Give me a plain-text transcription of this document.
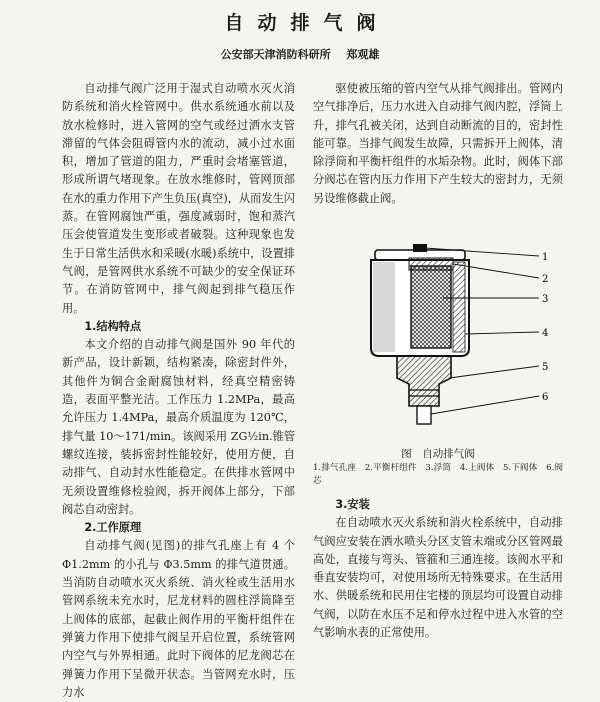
自动排气阀
公安部天津消防科研所 郑观雄

自动排气阀广泛用于湿式自动喷水灭火消防系统和消火栓管网中。供水系统通水前以及放水检修时，进入管网的空气或经过洒水支管滞留的气体会阻碍管内水的流动，减小过水面积，增加了管道的阻力，严重时会堵塞管道，形成所谓气堵现象。在放水维修时，管网顶部在水的重力作用下产生负压(真空)，从而发生闪蒸。在管网腐蚀严重，强度减弱时，饱和蒸汽压会使管道发生变形或者破裂。这种现象也发生于日常生活供水和采暖(水暖)系统中，设置排气阀，是管网供水系统不可缺少的安全保证环节。在消防管网中，排气阀起到排气稳压作用。

1.结构特点

本文介绍的自动排气阀是国外 90 年代的新产品，设计新颖，结构紧凑，除密封件外，其他件为铜合金耐腐蚀材料，经真空精密铸造，表面平整光洁。工作压力 1.2MPa，最高允许压力 1.4MPa，最高介质温度为 120℃，排气量 10～171/min。该阀采用 ZG½in.锥管螺纹连接，装拆密封性能较好，使用方便，自动排气、自动封水性能稳定。在供排水管网中无须设置维修检验阀，拆开阀体上部分，下部阀芯自动密封。

2.工作原理

自动排气阀(见图)的排气孔座上有 4 个 Φ1.2mm 的小孔与 Φ3.5mm 的排气道贯通。当消防自动喷水灭火系统、消火栓或生活用水管网系统未充水时，尼龙材料的圆柱浮筒降至上阀体的底部，起截止阀作用的平衡杆组件在弹簧力作用下使排气阀呈开启位置，系统管网内空气与外界相通。此时下阀体的尼龙阀芯在弹簧力作用下呈微开状态。当管网充水时，压力水

驱使被压缩的管内空气从排气阀排出。管网内空气排净后，压力水进入自动排气阀内腔，浮筒上升，排气孔被关闭，达到自动断流的目的，密封性能可靠。当排气阀发生故障，只需拆开上阀体，清除浮筒和平衡杆组件的水垢杂物。此时，阀体下部分阀芯在管内压力作用下产生较大的密封力，无须另设维修截止阀。

1
2
3
4
5
6
图　自动排气阀
1.排气孔座　2.平衡杆组件　3.浮筒　4.上阀体　5.下阀体　6.阀芯
3.安装

在自动喷水灭火系统和消火栓系统中，自动排气阀应安装在洒水喷头分区支管末端或分区管网最高处，直接与弯头、管箍和三通连接。该阀水平和垂直安装均可，对使用场所无特殊要求。在生活用水、供暖系统和民用住宅楼的顶层均可设置自动排气阀，以防在水压不足和停水过程中进入水管的空气影响水表的正常使用。
